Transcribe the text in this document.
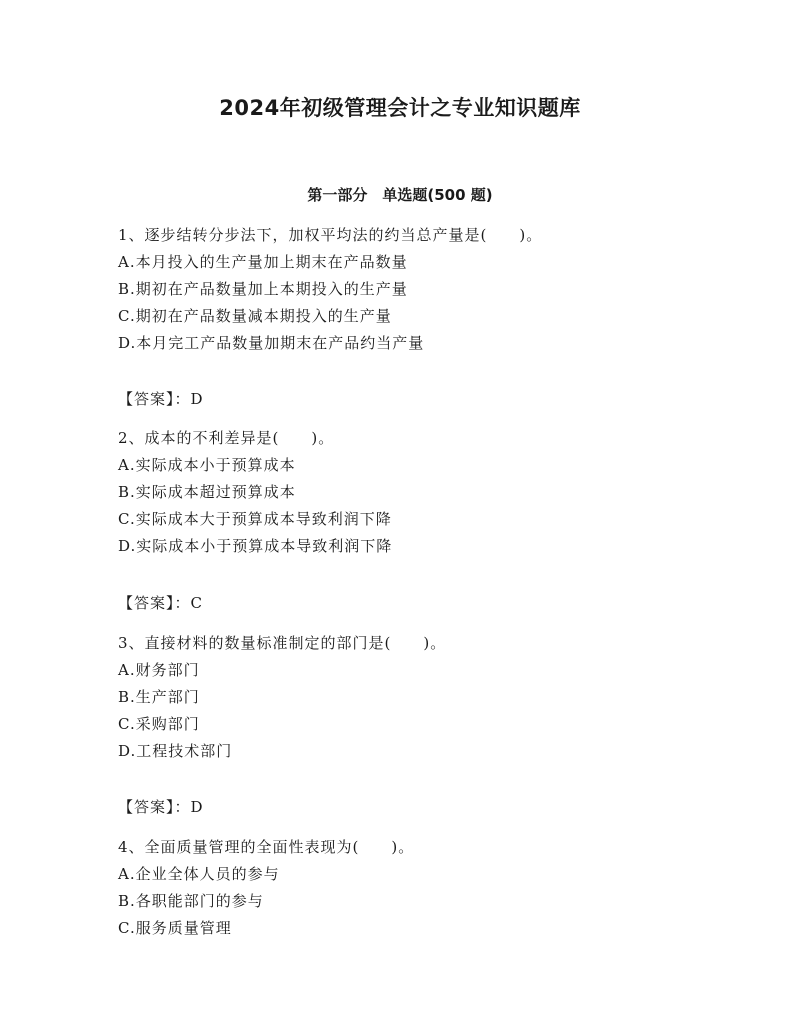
2024年初级管理会计之专业知识题库
第一部分　单选题(500 题)
1、逐步结转分步法下，加权平均法的约当总产量是(　　)。
A.本月投入的生产量加上期末在产品数量
B.期初在产品数量加上本期投入的生产量
C.期初在产品数量减本期投入的生产量
D.本月完工产品数量加期末在产品约当产量
【答案】：D
2、成本的不利差异是(　　)。
A.实际成本小于预算成本
B.实际成本超过预算成本
C.实际成本大于预算成本导致利润下降
D.实际成本小于预算成本导致利润下降
【答案】：C
3、直接材料的数量标准制定的部门是(　　)。
A.财务部门
B.生产部门
C.采购部门
D.工程技术部门
【答案】：D
4、全面质量管理的全面性表现为(　　)。
A.企业全体人员的参与
B.各职能部门的参与
C.服务质量管理
